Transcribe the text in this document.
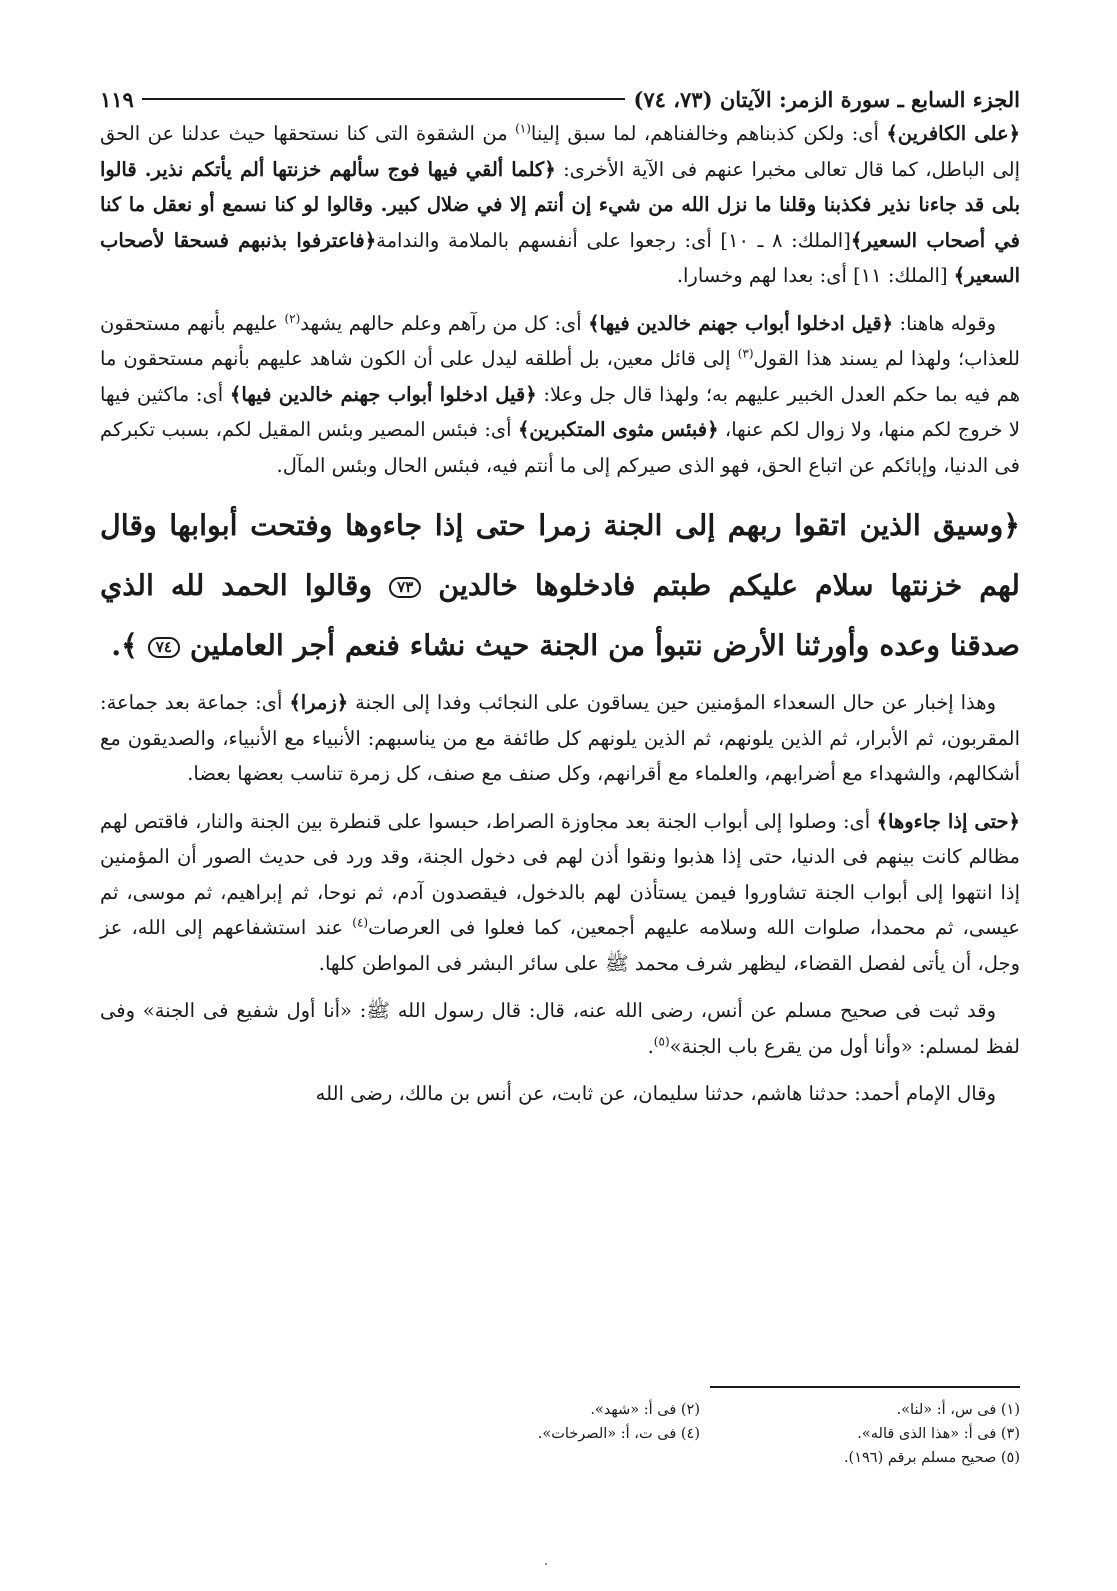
الجزء السابع ـ سورة الزمر: الآيتان (٧٣، ٧٤)
١١٩

﴿على الكافرين﴾ أى: ولكن كذبناهم وخالفناهم، لما سبق إلينا$^{(١)}$ من الشقوة التى كنا نستحقها حيث عدلنا عن الحق إلى الباطل، كما قال تعالى مخبرا عنهم فى الآية الأخرى: ﴿كلما ألقي فيها فوج سألهم خزنتها ألم يأتكم نذير. قالوا بلى قد جاءنا نذير فكذبنا وقلنا ما نزل الله من شيء إن أنتم إلا في ضلال كبير. وقالوا لو كنا نسمع أو نعقل ما كنا في أصحاب السعير﴾[الملك: ٨ ـ ١٠] أى: رجعوا على أنفسهم بالملامة والندامة﴿فاعترفوا بذنبهم فسحقا لأصحاب السعير﴾ [الملك: ١١] أى: بعدا لهم وخسارا.

وقوله هاهنا: ﴿قيل ادخلوا أبواب جهنم خالدين فيها﴾ أى: كل من رآهم وعلم حالهم يشهد$^{(٢)}$ عليهم بأنهم مستحقون للعذاب؛ ولهذا لم يسند هذا القول$^{(٣)}$ إلى قائل معين، بل أطلقه ليدل على أن الكون شاهد عليهم بأنهم مستحقون ما هم فيه بما حكم العدل الخبير عليهم به؛ ولهذا قال جل وعلا: ﴿قيل ادخلوا أبواب جهنم خالدين فيها﴾ أى: ماكثين فيها لا خروج لكم منها، ولا زوال لكم عنها، ﴿فبئس مثوى المتكبرين﴾ أى: فبئس المصير وبئس المقيل لكم، بسبب تكبركم فى الدنيا، وإبائكم عن اتباع الحق، فهو الذى صيركم إلى ما أنتم فيه، فبئس الحال وبئس المآل.

﴿وسيق الذين اتقوا ربهم إلى الجنة زمرا حتى إذا جاءوها وفتحت أبوابها وقال لهم خزنتها سلام عليكم طبتم فادخلوها خالدين ٧٣ وقالوا الحمد لله الذي صدقنا وعده وأورثنا الأرض نتبوأ من الجنة حيث نشاء فنعم أجر العاملين ٧٤ ﴾.

وهذا إخبار عن حال السعداء المؤمنين حين يساقون على النجائب وفدا إلى الجنة ﴿زمرا﴾ أى: جماعة بعد جماعة: المقربون، ثم الأبرار، ثم الذين يلونهم، ثم الذين يلونهم كل طائفة مع من يناسبهم: الأنبياء مع الأنبياء، والصديقون مع أشكالهم، والشهداء مع أضرابهم، والعلماء مع أقرانهم، وكل صنف مع صنف، كل زمرة تناسب بعضها بعضا.

﴿حتى إذا جاءوها﴾ أى: وصلوا إلى أبواب الجنة بعد مجاوزة الصراط، حبسوا على قنطرة بين الجنة والنار، فاقتص لهم مظالم كانت بينهم فى الدنيا، حتى إذا هذبوا ونقوا أذن لهم فى دخول الجنة، وقد ورد فى حديث الصور أن المؤمنين إذا انتهوا إلى أبواب الجنة تشاوروا فيمن يستأذن لهم بالدخول، فيقصدون آدم، ثم نوحا، ثم إبراهيم، ثم موسى، ثم عيسى، ثم محمدا، صلوات الله وسلامه عليهم أجمعين، كما فعلوا فى العرصات$^{(٤)}$ عند استشفاعهم إلى الله، عز وجل، أن يأتى لفصل القضاء، ليظهر شرف محمد ﷺ على سائر البشر فى المواطن كلها.

وقد ثبت فى صحيح مسلم عن أنس، رضى الله عنه، قال: قال رسول الله ﷺ: «أنا أول شفيع فى الجنة» وفى لفظ لمسلم: «وأنا أول من يقرع باب الجنة»$^{(٥)}$.

وقال الإمام أحمد: حدثنا هاشم، حدثنا سليمان، عن ثابت، عن أنس بن مالك، رضى الله

(١) فى س، أ: «لنا».
(٢) فى أ: «شهد».
(٣) فى أ: «هذا الذى قاله».
(٤) فى ت، أ: «الصرخات».
(٥) صحيح مسلم برقم (١٩٦).
